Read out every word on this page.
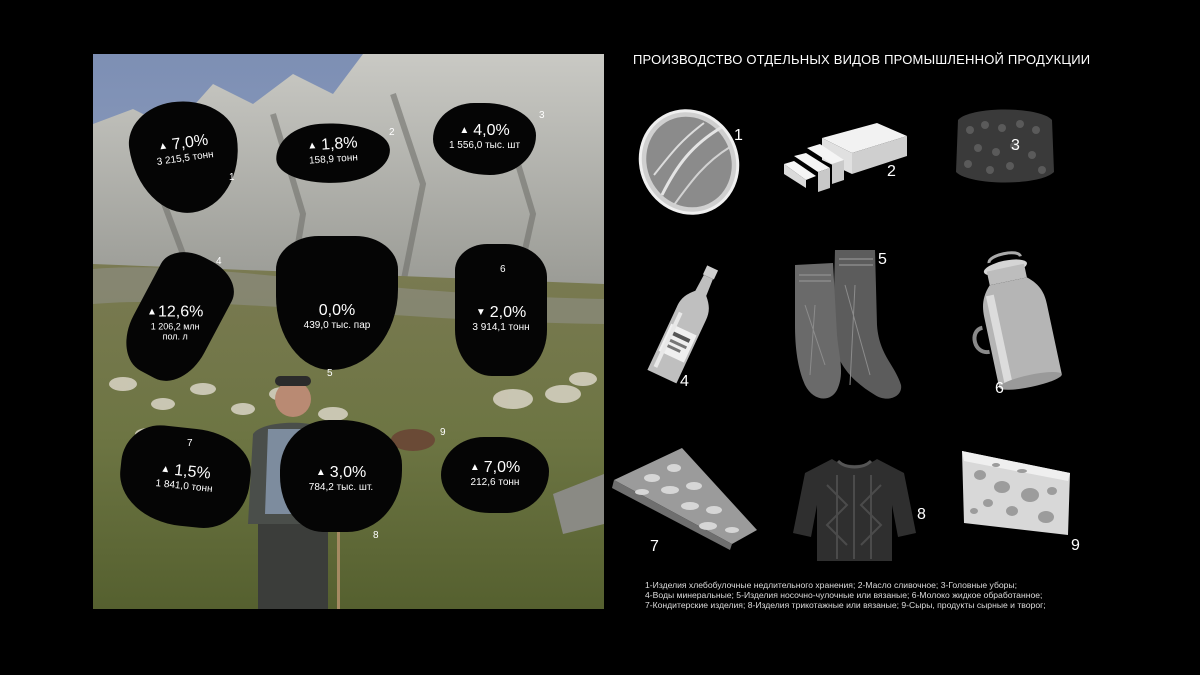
▲ 7,0%
3 215,5 тонн
1
▲ 1,8%
158,9 тонн
2	▲ 4,0%
1 556,0 тыс. шт
3
▲12,6%
1 206,2 млн
пол. л
4
0,0%
439,0 тыс. пар
5
▼ 2,0%
3 914,1 тонн
6
▲ 1,5%
1 841,0 тонн
7
▲ 3,0%
784,2 тыс. шт.
8
▲ 7,0%
212,6 тонн
9
ПРОИЗВОДСТВО ОТДЕЛЬНЫХ ВИДОВ ПРОМЫШЛЕННОЙ ПРОДУКЦИИ
1
2
3
4
5
6
7
8
9
1-Изделия хлебобулочные недлительного хранения; 2-Масло сливочное; 3-Головные уборы;
4-Воды минеральные; 5-Изделия носочно-чулочные или вязаные; 6-Молоко жидкое обработанное;
7-Кондитерские изделия; 8-Изделия трикотажные или вязаные; 9-Сыры, продукты сырные и творог;
